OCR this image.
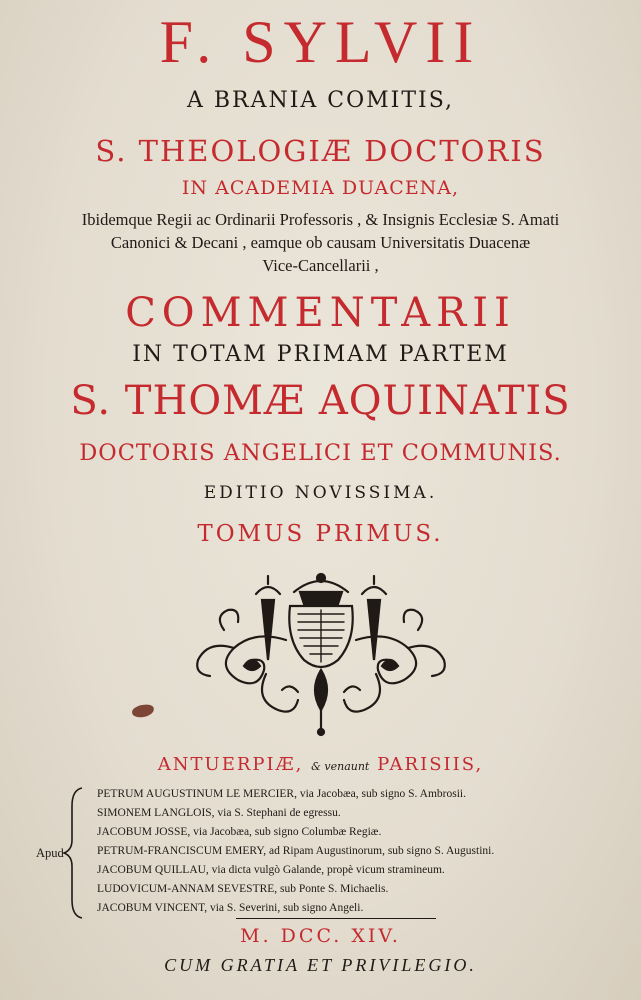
F. SYLVII
A BRANIA COMITIS,
S. THEOLOGIÆ DOCTORIS
IN ACADEMIA DUACENA,
Ibidemque Regii ac Ordinarii Professoris , & Insignis Ecclesiæ S. Amati
Canonici & Decani , eamque ob causam Universitatis Duacenæ
Vice-Cancellarii ,
COMMENTARII
IN TOTAM PRIMAM PARTEM
S. THOMÆ AQUINATIS
DOCTORIS ANGELICI ET COMMUNIS.
EDITIO NOVISSIMA.
TOMUS PRIMUS.
ANTUERPIÆ, & venaunt PARISIIS,
Apud
PETRUM AUGUSTINUM LE MERCIER, via Jacobæa, sub signo S. Ambrosii.
SIMONEM LANGLOIS, via S. Stephani de egressu.
JACOBUM JOSSE, via Jacobæa, sub signo Columbæ Regiæ.
PETRUM-FRANCISCUM EMERY, ad Ripam Augustinorum, sub signo S. Augustini.
JACOBUM QUILLAU, via dicta vulgò Galande, propè vicum stramineum.
LUDOVICUM-ANNAM SEVESTRE, sub Ponte S. Michaelis.
JACOBUM VINCENT, via S. Severini, sub signo Angeli.
M. DCC. XIV.
CUM GRATIA ET PRIVILEGIO.
